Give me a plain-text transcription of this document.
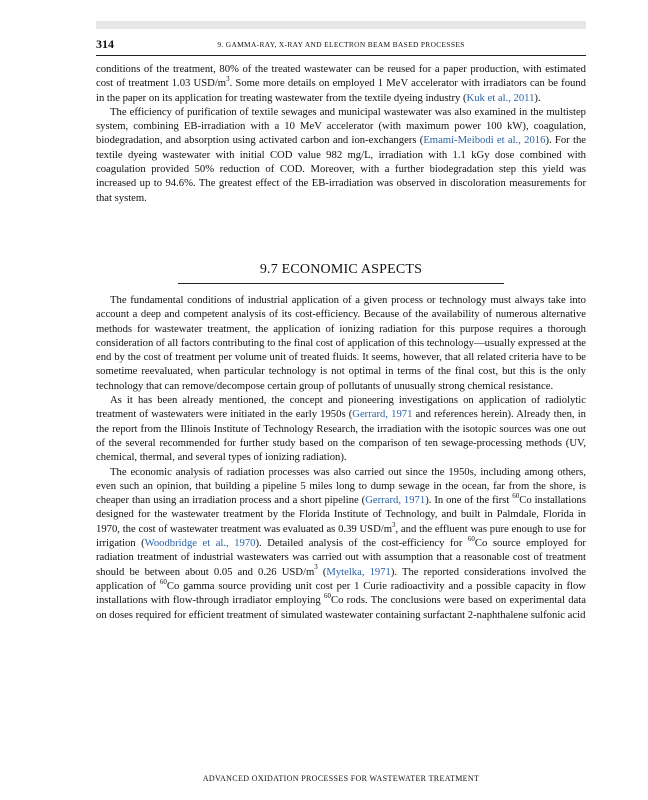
314	9. GAMMA-RAY, X-RAY AND ELECTRON BEAM BASED PROCESSES

conditions of the treatment, 80% of the treated wastewater can be reused for a paper production, with estimated cost of treatment 1.03 USD/$m^3$. Some more details on employed 1 MeV accelerator with irradiators can be found in the paper on its application for treating wastewater from the textile dyeing industry (Kuk et al., 2011).

The efficiency of purification of textile sewages and municipal wastewater was also examined in the multistep system, combining EB-irradiation with a 10 MeV accelerator (with maximum power 100 kW), coagulation, biodegradation, and absorption using activated carbon and ion-exchangers (Emami-Meibodi et al., 2016). For the textile dyeing wastewater with initial COD value 982 mg/L, irradiation with 1.1 kGy dose combined with coagulation provided 50% reduction of COD. Moreover, with a further biodegradation step this yield was increased up to 94.6%. The greatest effect of the EB-irradiation was observed in discoloration measurements for that system.

9.7 ECONOMIC ASPECTS

The fundamental conditions of industrial application of a given process or technology must always take into account a deep and competent analysis of its cost-efficiency. Because of the availability of numerous alternative methods for wastewater treatment, the application of ionizing radiation for this purpose requires a thorough consideration of all factors contributing to the final cost of application of this technology—usually expressed at the end by the cost of treatment per volume unit of treated fluids. It seems, however, that all related criteria have to be sometime reevaluated, when particular technology is not optimal in terms of the final cost, but this is the only technology that can remove/decompose certain group of pollutants of unusually strong chemical resistance.

As it has been already mentioned, the concept and pioneering investigations on application of radiolytic treatment of wastewaters were initiated in the early 1950s (Gerrard, 1971 and references herein). Already then, in the report from the Illinois Institute of Technology Research, the irradiation with the isotopic sources was one out of the several recommended for further study based on the comparison of ten sewage-processing methods (UV, chemical, thermal, and several types of ionizing radiation).

The economic analysis of radiation processes was also carried out since the 1950s, including among others, even such an opinion, that building a pipeline 5 miles long to dump sewage in the ocean, far from the shore, is cheaper than using an irradiation process and a short pipeline (Gerrard, 1971). In one of the first $^{60}$Co installations designed for the wastewater treatment by the Florida Institute of Technology, and built in Palmdale, Florida in 1970, the cost of wastewater treatment was evaluated as 0.39 USD/$m^3$, and the effluent was pure enough to use for irrigation (Woodbridge et al., 1970). Detailed analysis of the cost-efficiency for $^{60}$Co source employed for radiation treatment of industrial wastewaters was carried out with assumption that a reasonable cost of treatment should be between about 0.05 and 0.26 USD/$m^3$ (Mytelka, 1971). The reported considerations involved the application of $^{60}$Co gamma source providing unit cost per 1 Curie radioactivity and a possible capacity in flow installations with flow-through irradiator employing $^{60}$Co rods. The conclusions were based on experimental data on doses required for efficient treatment of simulated wastewater containing surfactant 2-naphthalene sulfonic acid

ADVANCED OXIDATION PROCESSES FOR WASTEWATER TREATMENT
